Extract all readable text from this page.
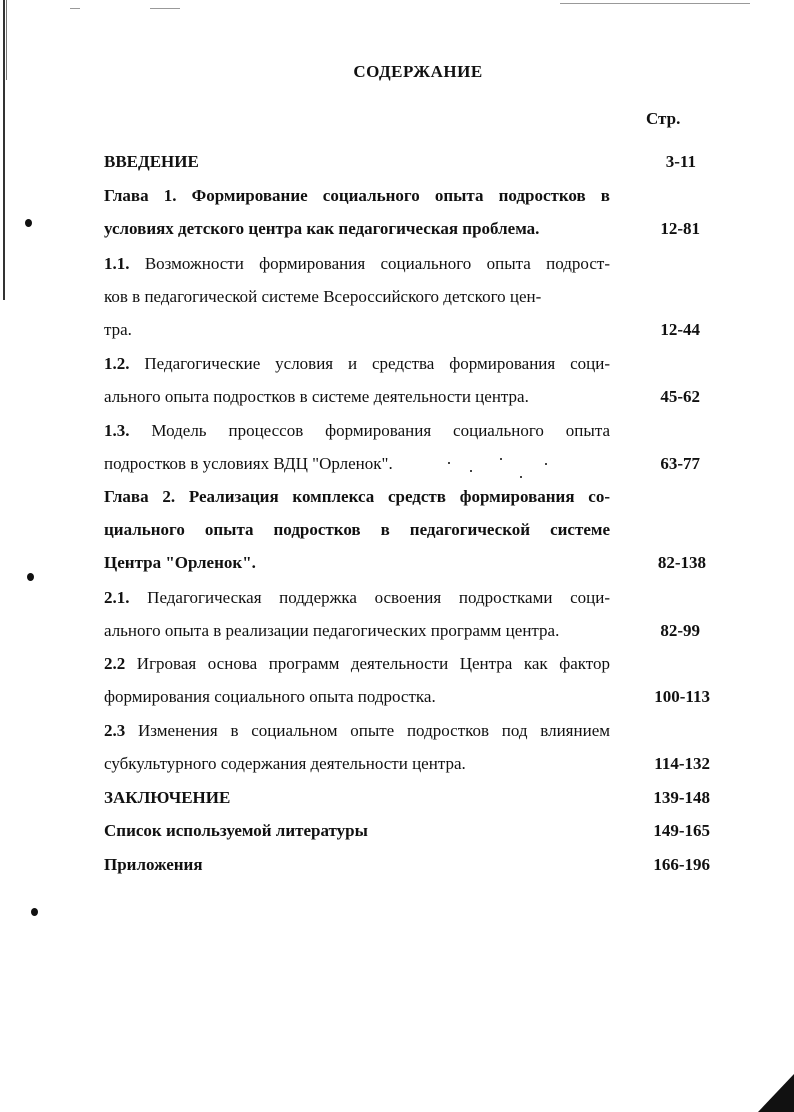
СОДЕРЖАНИЕ
Стр.
ВВЕДЕНИЕ	3-11
Глава 1. Формирование социального опыта подростков в
условиях детского центра как педагогическая проблема.	12-81
1.1. Возможности формирования социального опыта подрост-
ков в педагогической системе Всероссийского детского цен-
тра.	12-44
1.2. Педагогические условия и средства формирования соци-
ального опыта подростков в системе деятельности центра.	45-62
1.3. Модель процессов формирования социального опыта
подростков в условиях ВДЦ "Орленок".	63-77
Глава 2. Реализация комплекса средств формирования со-
циального опыта подростков в педагогической системе
Центра "Орленок".	82-138
2.1. Педагогическая поддержка освоения подростками соци-
ального опыта в реализации педагогических программ центра.	82-99
2.2 Игровая основа программ деятельности Центра как фактор
формирования социального опыта подростка.	100-113
2.3 Изменения в социальном опыте подростков под влиянием
субкультурного содержания деятельности центра.	114-132
ЗАКЛЮЧЕНИЕ	139-148
Список используемой литературы	149-165
Приложения	166-196
